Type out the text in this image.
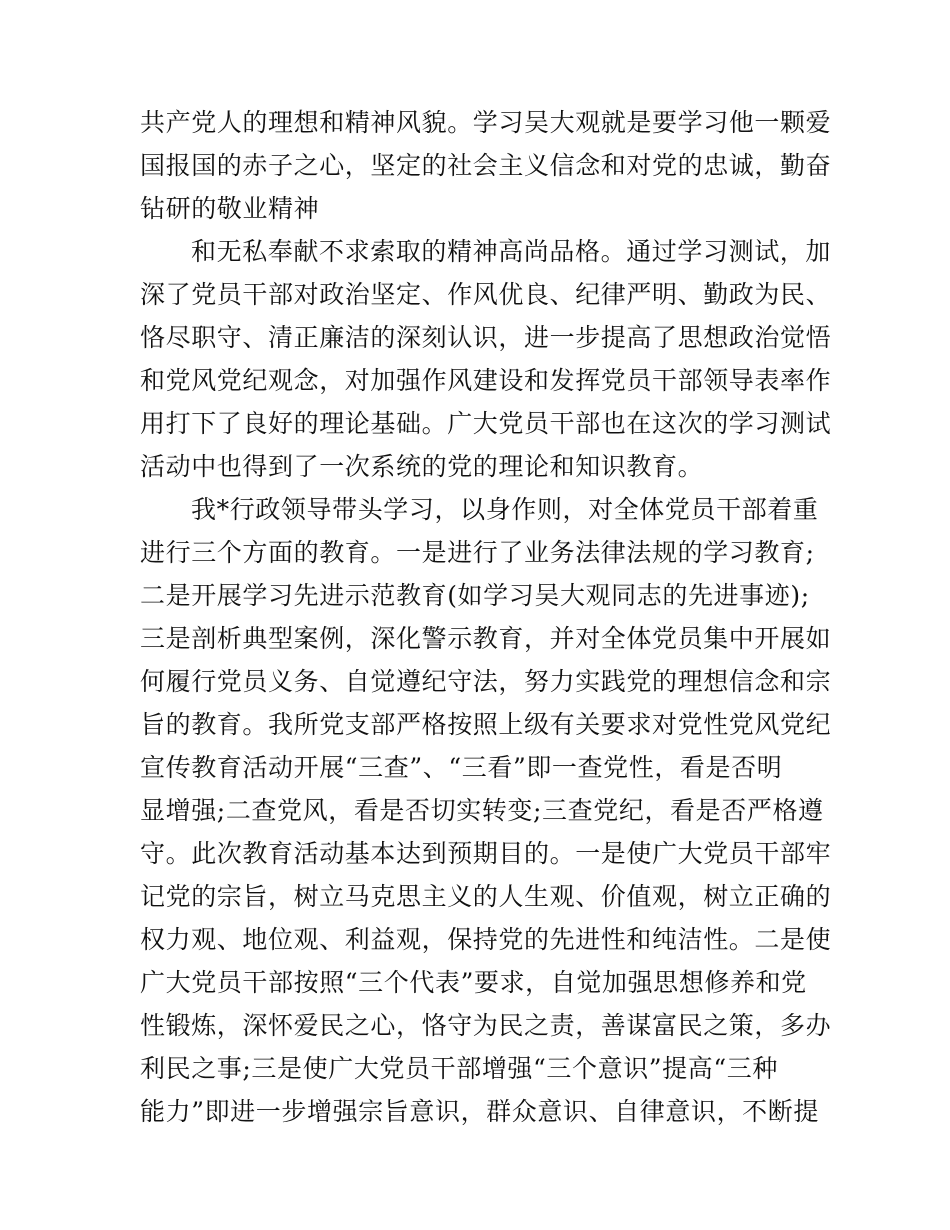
共产党人的理想和精神风貌。学习吴大观就是要学习他一颗爱
国报国的赤子之心，坚定的社会主义信念和对党的忠诚，勤奋
钻研的敬业精神
和无私奉献不求索取的精神高尚品格。通过学习测试，加
深了党员干部对政治坚定、作风优良、纪律严明、勤政为民、
恪尽职守、清正廉洁的深刻认识，进一步提高了思想政治觉悟
和党风党纪观念，对加强作风建设和发挥党员干部领导表率作
用打下了良好的理论基础。广大党员干部也在这次的学习测试
活动中也得到了一次系统的党的理论和知识教育。
我*行政领导带头学习，以身作则，对全体党员干部着重
进行三个方面的教育。一是进行了业务法律法规的学习教育;
二是开展学习先进示范教育(如学习吴大观同志的先进事迹);
三是剖析典型案例，深化警示教育，并对全体党员集中开展如
何履行党员义务、自觉遵纪守法，努力实践党的理想信念和宗
旨的教育。我所党支部严格按照上级有关要求对党性党风党纪
宣传教育活动开展“三查”、“三看”即一查党性，看是否明
显增强;二查党风，看是否切实转变;三查党纪，看是否严格遵
守。此次教育活动基本达到预期目的。一是使广大党员干部牢
记党的宗旨，树立马克思主义的人生观、价值观，树立正确的
权力观、地位观、利益观，保持党的先进性和纯洁性。二是使
广大党员干部按照“三个代表”要求，自觉加强思想修养和党
性锻炼，深怀爱民之心，恪守为民之责，善谋富民之策，多办
利民之事;三是使广大党员干部增强“三个意识”提高“三种
能力”即进一步增强宗旨意识，群众意识、自律意识，不断提
